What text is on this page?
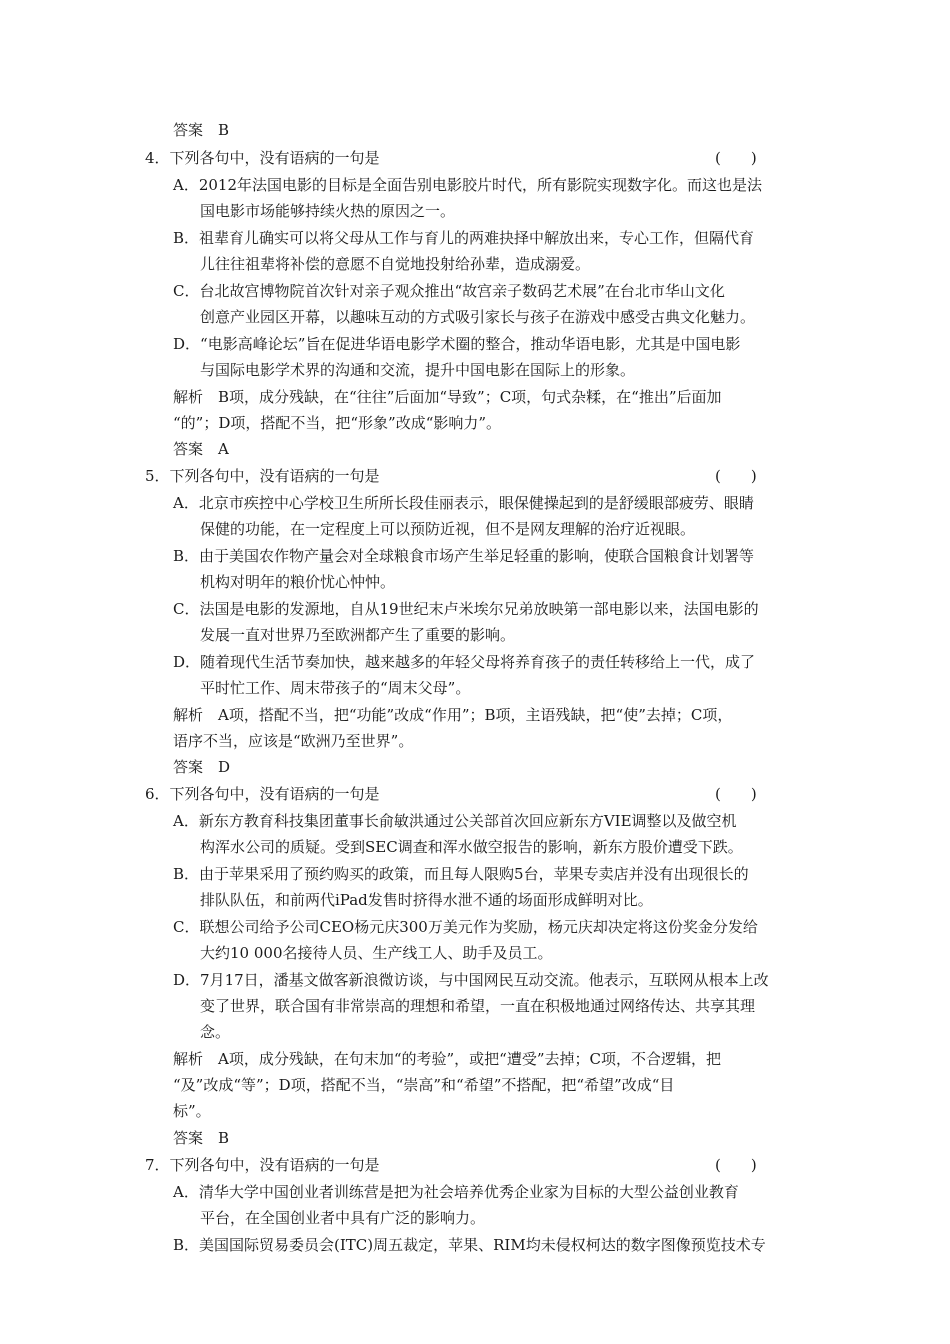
答案　B
4．下列各句中，没有语病的一句是	(　　)
A．2012年法国电影的目标是全面告别电影胶片时代，所有影院实现数字化。而这也是法
国电影市场能够持续火热的原因之一。
B．祖辈育儿确实可以将父母从工作与育儿的两难抉择中解放出来，专心工作，但隔代育
儿往往祖辈将补偿的意愿不自觉地投射给孙辈，造成溺爱。
C．台北故宫博物院首次针对亲子观众推出“故宫亲子数码艺术展”在台北市华山文化
创意产业园区开幕，以趣味互动的方式吸引家长与孩子在游戏中感受古典文化魅力。
D．“电影高峰论坛”旨在促进华语电影学术圈的整合，推动华语电影，尤其是中国电影
与国际电影学术界的沟通和交流，提升中国电影在国际上的形象。
解析　B项，成分残缺，在“往往”后面加“导致”；C项，句式杂糅，在“推出”后面加
“的”；D项，搭配不当，把“形象”改成“影响力”。
答案　A
5．下列各句中，没有语病的一句是	(　　)
A．北京市疾控中心学校卫生所所长段佳丽表示，眼保健操起到的是舒缓眼部疲劳、眼睛
保健的功能，在一定程度上可以预防近视，但不是网友理解的治疗近视眼。
B．由于美国农作物产量会对全球粮食市场产生举足轻重的影响，使联合国粮食计划署等
机构对明年的粮价忧心忡忡。
C．法国是电影的发源地，自从19世纪末卢米埃尔兄弟放映第一部电影以来，法国电影的
发展一直对世界乃至欧洲都产生了重要的影响。
D．随着现代生活节奏加快，越来越多的年轻父母将养育孩子的责任转移给上一代，成了
平时忙工作、周末带孩子的“周末父母”。
解析　A项，搭配不当，把“功能”改成“作用”；B项，主语残缺，把“使”去掉；C项，
语序不当，应该是“欧洲乃至世界”。
答案　D
6．下列各句中，没有语病的一句是	(　　)
A．新东方教育科技集团董事长俞敏洪通过公关部首次回应新东方VIE调整以及做空机
构浑水公司的质疑。受到SEC调查和浑水做空报告的影响，新东方股价遭受下跌。
B．由于苹果采用了预约购买的政策，而且每人限购5台，苹果专卖店并没有出现很长的
排队队伍，和前两代iPad发售时挤得水泄不通的场面形成鲜明对比。
C．联想公司给予公司CEO杨元庆300万美元作为奖励，杨元庆却决定将这份奖金分发给
大约10 000名接待人员、生产线工人、助手及员工。
D．7月17日，潘基文做客新浪微访谈，与中国网民互动交流。他表示，互联网从根本上改
变了世界，联合国有非常崇高的理想和希望，一直在积极地通过网络传达、共享其理
念。
解析　A项，成分残缺，在句末加“的考验”，或把“遭受”去掉；C项，不合逻辑，把
“及”改成“等”；D项，搭配不当，“崇高”和“希望”不搭配，把“希望”改成“目
标”。
答案　B
7．下列各句中，没有语病的一句是	(　　)
A．清华大学中国创业者训练营是把为社会培养优秀企业家为目标的大型公益创业教育
平台，在全国创业者中具有广泛的影响力。
B．美国国际贸易委员会(ITC)周五裁定，苹果、RIM均未侵权柯达的数字图像预览技术专
